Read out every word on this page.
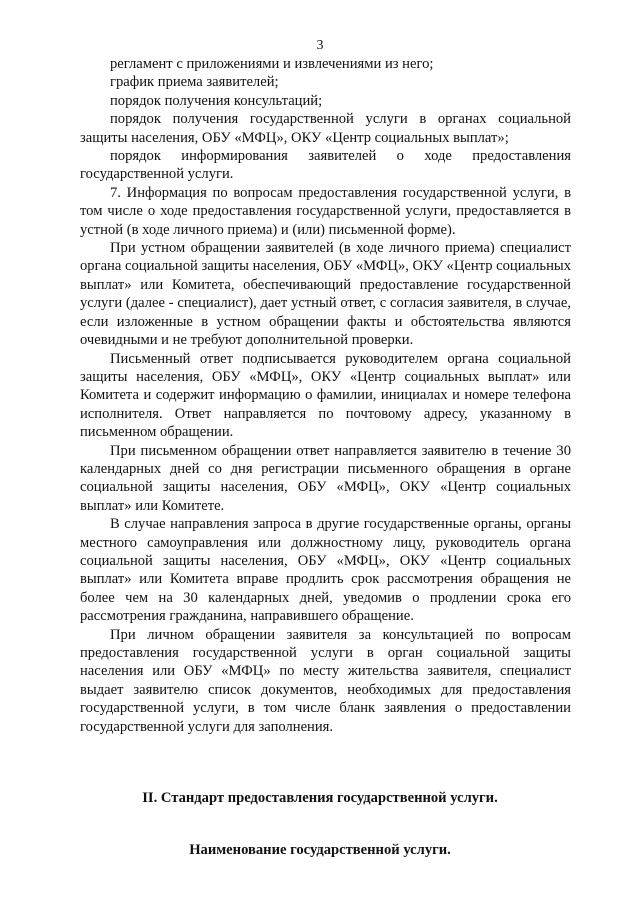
3

регламент с приложениями и извлечениями из него;

график приема заявителей;

порядок получения консультаций;

порядок получения государственной услуги в органах социальной защиты населения, ОБУ «МФЦ», ОКУ «Центр социальных выплат»;

порядок информирования заявителей о ходе предоставления государственной услуги.

7. Информация по вопросам предоставления государственной услуги, в том числе о ходе предоставления государственной услуги, предоставляется в устной (в ходе личного приема) и (или) письменной форме).

При устном обращении заявителей (в ходе личного приема) специалист органа социальной защиты населения, ОБУ «МФЦ», ОКУ «Центр социальных выплат» или Комитета, обеспечивающий предоставление государственной услуги (далее - специалист), дает устный ответ, с согласия заявителя, в случае, если изложенные в устном обращении факты и обстоятельства являются очевидными и не требуют дополнительной проверки.

Письменный ответ подписывается руководителем органа социальной защиты населения, ОБУ «МФЦ», ОКУ «Центр социальных выплат» или Комитета и содержит информацию о фамилии, инициалах и номере телефона исполнителя. Ответ направляется по почтовому адресу, указанному в письменном обращении.

При письменном обращении ответ направляется заявителю в течение 30 календарных дней со дня регистрации письменного обращения в органе социальной защиты населения, ОБУ «МФЦ», ОКУ «Центр социальных выплат» или Комитете.

В случае направления запроса в другие государственные органы, органы местного самоуправления или должностному лицу, руководитель органа социальной защиты населения, ОБУ «МФЦ», ОКУ «Центр социальных выплат» или Комитета вправе продлить срок рассмотрения обращения не более чем на 30 календарных дней, уведомив о продлении срока его рассмотрения гражданина, направившего обращение.

При личном обращении заявителя за консультацией по вопросам предоставления государственной услуги в орган социальной защиты населения или ОБУ «МФЦ» по месту жительства заявителя, специалист выдает заявителю список документов, необходимых для предоставления государственной услуги, в том числе бланк заявления о предоставлении государственной услуги для заполнения.

II. Стандарт предоставления государственной услуги.
Наименование государственной услуги.
